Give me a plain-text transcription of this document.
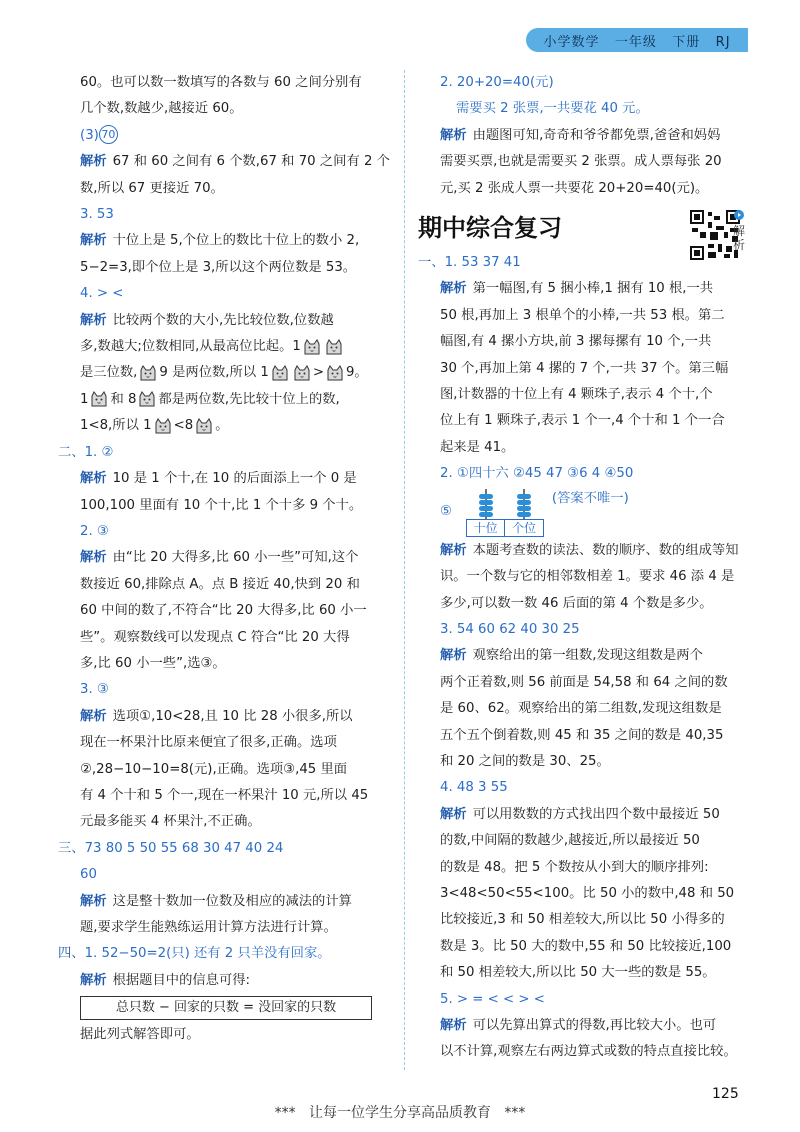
小学数学   一年级   下册   RJ

60。也可以数一数填写的各数与 60 之间分别有

几个数,数越少,越接近 60。

(3) 70

解析 67 和 60 之间有 6 个数,67 和 70 之间有 2 个

数,所以 67 更接近 70。

3. 53

解析 十位上是 5,个位上的数比十位上的数小 2,

5−2=3,即个位上是 3,所以这个两位数是 53。

4. > <

解析 比较两个数的大小,先比较位数,位数越

多,数越大;位数相同,从最高位比起。1

是三位数, 9 是两位数,所以 1	> 9。

1 和 8 都是两位数,先比较十位上的数,

1<8,所以 1 <8 。

二、1. ②

解析 10 是 1 个十,在 10 的后面添上一个 0 是

100,100 里面有 10 个十,比 1 个十多 9 个十。

2. ③

解析 由“比 20 大得多,比 60 小一些”可知,这个

数接近 60,排除点 A。点 B 接近 40,快到 20 和

60 中间的数了,不符合“比 20 大得多,比 60 小一

些”。观察数线可以发现点 C 符合“比 20 大得

多,比 60 小一些”,选③。

3. ③

解析 选项①,10<28,且 10 比 28 小很多,所以

现在一杯果汁比原来便宜了很多,正确。选项

②,28−10−10=8(元),正确。选项③,45 里面

有 4 个十和 5 个一,现在一杯果汁 10 元,所以 45

元最多能买 4 杯果汁,不正确。

三、73 80 5 50 55 68 30 47 40 24

60

解析 这是整十数加一位数及相应的减法的计算

题,要求学生能熟练运用计算方法进行计算。

四、1. 52−50=2(只) 还有 2 只羊没有回家。

解析 根据题目中的信息可得:

总只数 − 回家的只数 = 没回家的只数

据此列式解答即可。

2. 20+20=40(元)

需要买 2 张票,一共要花 40 元。

解析 由题图可知,奇奇和爷爷都免票,爸爸和妈妈

需要买票,也就是需要买 2 张票。成人票每张 20

元,买 2 张成人票一共要花 20+20=40(元)。

期中综合复习

一、1. 53 37 41

解析 第一幅图,有 5 捆小棒,1 捆有 10 根,一共

50 根,再加上 3 根单个的小棒,一共 53 根。第二

幅图,有 4 摞小方块,前 3 摞每摞有 10 个,一共

30 个,再加上第 4 摞的 7 个,一共 37 个。第三幅

图,计数器的十位上有 4 颗珠子,表示 4 个十,个

位上有 1 颗珠子,表示 1 个一,4 个十和 1 个一合

起来是 41。

2. ①四十六 ②45 47 ③6 4 ④50

⑤
十位	个位
(答案不唯一)

解析 本题考查数的读法、数的顺序、数的组成等知

识。一个数与它的相邻数相差 1。要求 46 添 4 是

多少,可以数一数 46 后面的第 4 个数是多少。

3. 54 60 62 40 30 25

解析 观察给出的第一组数,发现这组数是两个

两个正着数,则 56 前面是 54,58 和 64 之间的数

是 60、62。观察给出的第二组数,发现这组数是

五个五个倒着数,则 45 和 35 之间的数是 40,35

和 20 之间的数是 30、25。

4. 48 3 55

解析 可以用数数的方式找出四个数中最接近 50

的数,中间隔的数越少,越接近,所以最接近 50

的数是 48。把 5 个数按从小到大的顺序排列:

3<48<50<55<100。比 50 小的数中,48 和 50

比较接近,3 和 50 相差较大,所以比 50 小得多的

数是 3。比 50 大的数中,55 和 50 比较接近,100

和 50 相差较大,所以比 50 大一些的数是 55。

5. > = < < > <

解析 可以先算出算式的得数,再比较大小。也可

以不计算,观察左右两边算式或数的特点直接比较。

解析
125
***   让每一位学生分享高品质教育   ***
